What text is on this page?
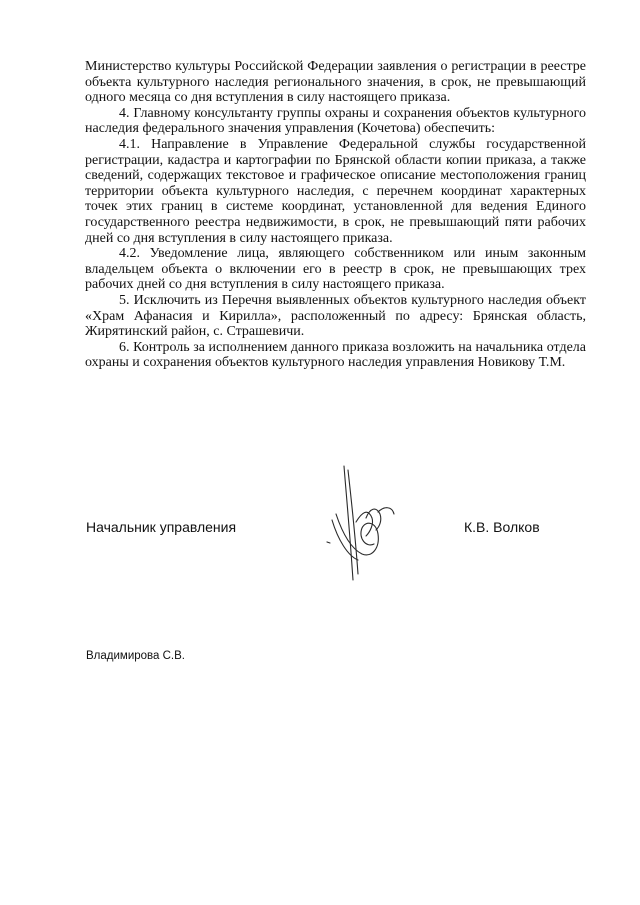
Министерство культуры Российской Федерации заявления о регистрации в реестре объекта культурного наследия регионального значения, в срок, не превышающий одного месяца со дня вступления в силу настоящего приказа.

4. Главному консультанту группы охраны и сохранения объектов культурного наследия федерального значения управления (Кочетова) обеспечить:

4.1. Направление в Управление Федеральной службы государственной регистрации, кадастра и картографии по Брянской области копии приказа, а также сведений, содержащих текстовое и графическое описание местоположения границ территории объекта культурного наследия, с перечнем координат характерных точек этих границ в системе координат, установленной для ведения Единого государственного реестра недвижимости, в срок, не превышающий пяти рабочих дней со дня вступления в силу настоящего приказа.

4.2. Уведомление лица, являющего собственником или иным законным владельцем объекта о включении его в реестр в срок, не превышающих трех рабочих дней со дня вступления в силу настоящего приказа.

5. Исключить из Перечня выявленных объектов культурного наследия объект «Храм Афанасия и Кирилла», расположенный по адресу: Брянская область, Жирятинский район, с. Страшевичи.

6. Контроль за исполнением данного приказа возложить на начальника отдела охраны и сохранения объектов культурного наследия управления Новикову Т.М.

Начальник управления	К.В. Волков
Владимирова С.В.
